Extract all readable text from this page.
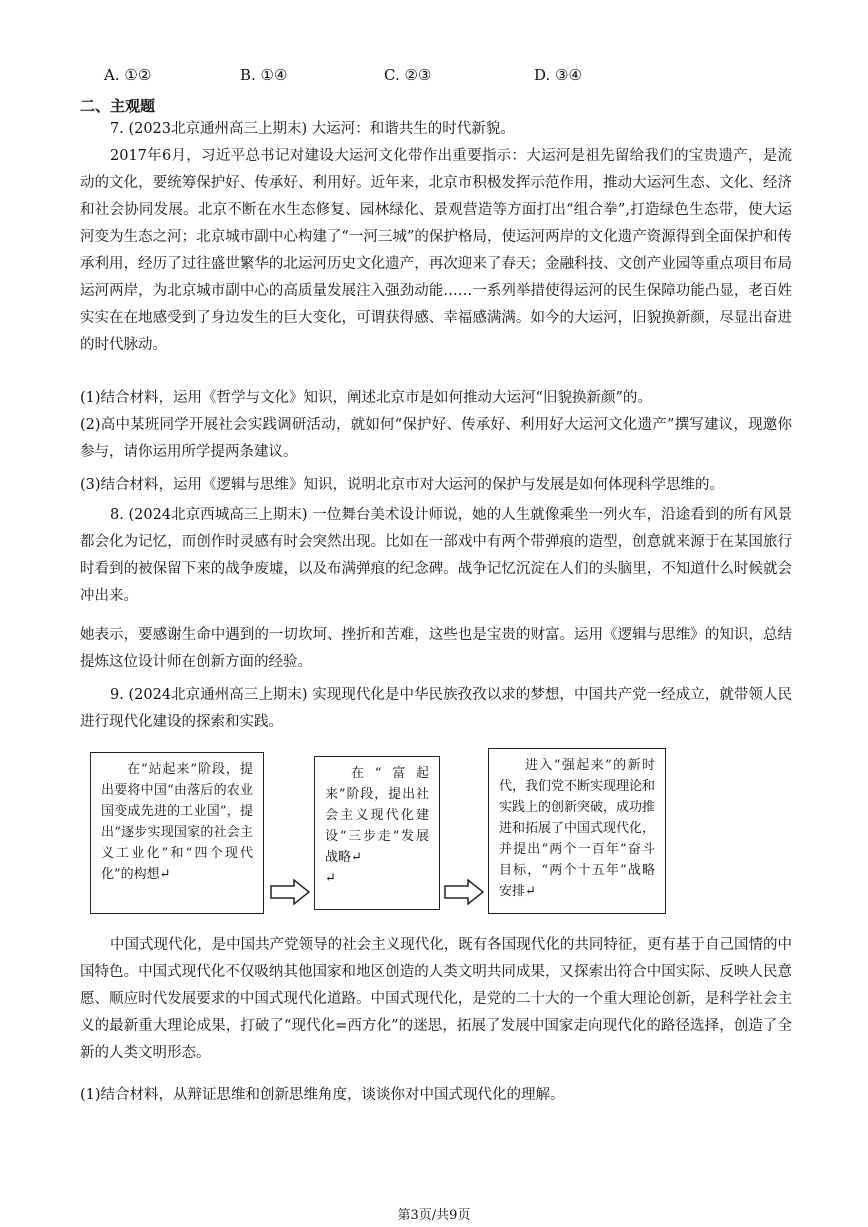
A. ①②	B. ①④	C. ②③	D. ③④
二、主观题
7. (2023北京通州高三上期末) 大运河：和谐共生的时代新貌。
2017年6月，习近平总书记对建设大运河文化带作出重要指示：大运河是祖先留给我们的宝贵遗产，是流动的文化，要统筹保护好、传承好、利用好。近年来，北京市积极发挥示范作用，推动大运河生态、文化、经济和社会协同发展。北京不断在水生态修复、园林绿化、景观营造等方面打出“组合拳”,打造绿色生态带，使大运河变为生态之河；北京城市副中心构建了“一河三城”的保护格局，使运河两岸的文化遗产资源得到全面保护和传承利用，经历了过往盛世繁华的北运河历史文化遗产，再次迎来了春天；金融科技、文创产业园等重点项目布局运河两岸，为北京城市副中心的高质量发展注入强劲动能……一系列举措使得运河的民生保障功能凸显，老百姓实实在在地感受到了身边发生的巨大变化，可谓获得感、幸福感满满。如今的大运河，旧貌换新颜，尽显出奋进的时代脉动。
(1)结合材料，运用《哲学与文化》知识，阐述北京市是如何推动大运河“旧貌换新颜”的。
(2)高中某班同学开展社会实践调研活动，就如何“保护好、传承好、利用好大运河文化遗产”撰写建议，现邀你参与，请你运用所学提两条建议。
(3)结合材料，运用《逻辑与思维》知识，说明北京市对大运河的保护与发展是如何体现科学思维的。
8. (2024北京西城高三上期末) 一位舞台美术设计师说，她的人生就像乘坐一列火车，沿途看到的所有风景都会化为记忆，而创作时灵感有时会突然出现。比如在一部戏中有两个带弹痕的造型，创意就来源于在某国旅行时看到的被保留下来的战争废墟，以及布满弹痕的纪念碑。战争记忆沉淀在人们的头脑里，不知道什么时候就会冲出来。
她表示，要感谢生命中遇到的一切坎坷、挫折和苦难，这些也是宝贵的财富。运用《逻辑与思维》的知识，总结提炼这位设计师在创新方面的经验。
9. (2024北京通州高三上期末) 实现现代化是中华民族孜孜以求的梦想，中国共产党一经成立，就带领人民进行现代化建设的探索和实践。
在“站起来”阶段，提出要将中国“由落后的农业国变成先进的工业国”，提出“逐步实现国家的社会主义工业化”和“四个现代化”的构想↵
在“富起来”阶段，提出社会主义现代化建设“三步走”发展战略↵
↵
进入“强起来”的新时代，我们党不断实现理论和实践上的创新突破，成功推进和拓展了中国式现代化，并提出“两个一百年”奋斗目标，“两个十五年”战略安排↵
中国式现代化，是中国共产党领导的社会主义现代化，既有各国现代化的共同特征，更有基于自己国情的中国特色。中国式现代化不仅吸纳其他国家和地区创造的人类文明共同成果，又探索出符合中国实际、反映人民意愿、顺应时代发展要求的中国式现代化道路。中国式现代化，是党的二十大的一个重大理论创新，是科学社会主义的最新重大理论成果，打破了“现代化=西方化”的迷思，拓展了发展中国家走向现代化的路径选择，创造了全新的人类文明形态。
(1)结合材料，从辩证思维和创新思维角度，谈谈你对中国式现代化的理解。
第3页/共9页
